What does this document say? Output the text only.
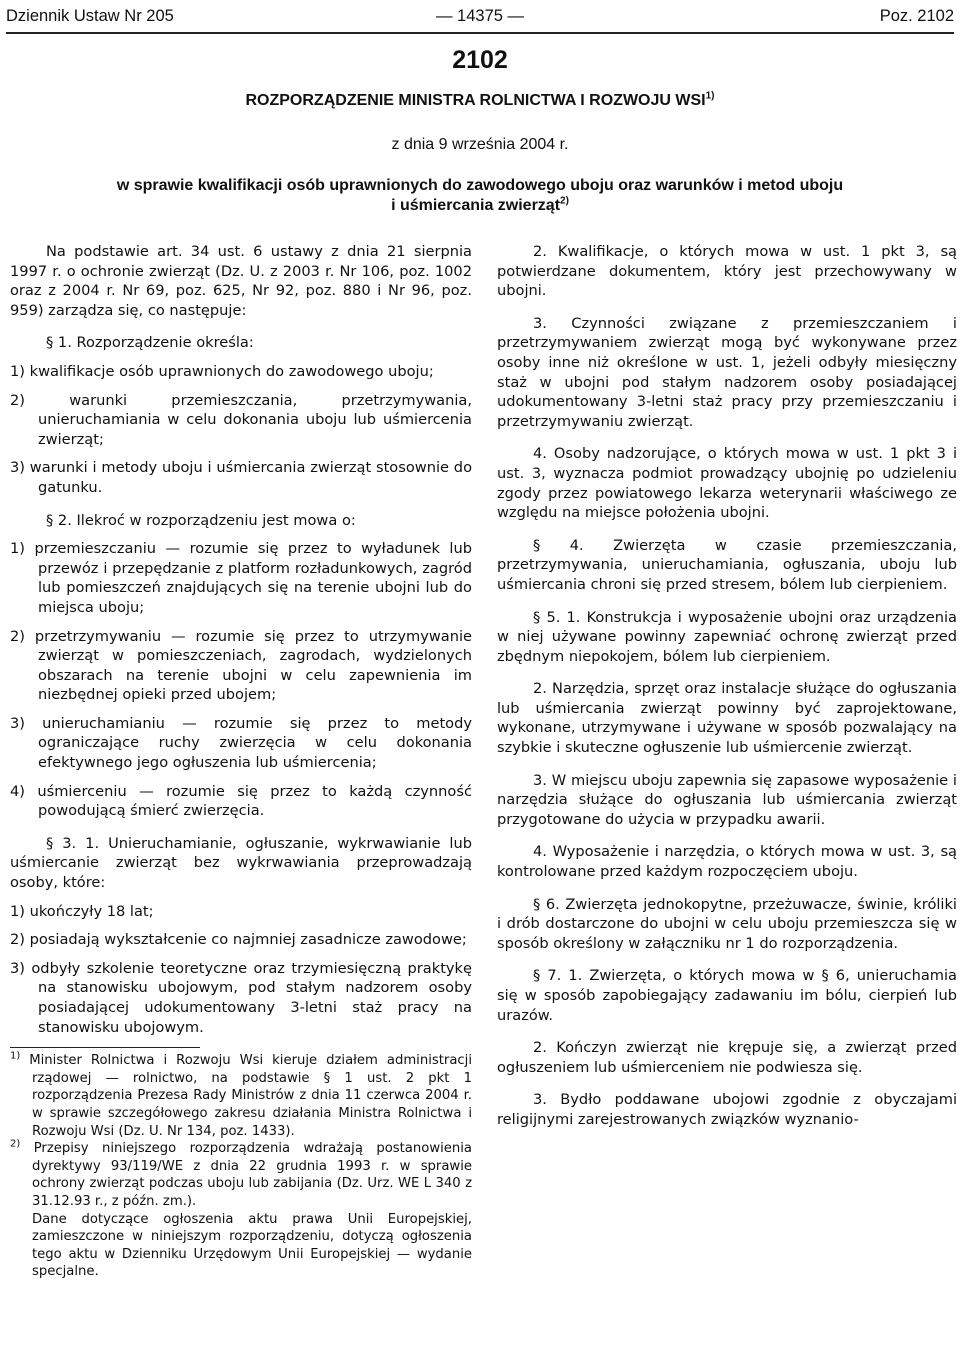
Dziennik Ustaw Nr 205	— 14375 —	Poz. 2102
2102
ROZPORZĄDZENIE MINISTRA ROLNICTWA I ROZWOJU WSI$^{1)}$
z dnia 9 września 2004 r.
w sprawie kwalifikacji osób uprawnionych do zawodowego uboju oraz warunków i metod uboju
i uśmiercania zwierząt$^{2)}$

Na podstawie art. 34 ust. 6 ustawy z dnia 21 sierpnia 1997 r. o ochronie zwierząt (Dz. U. z 2003 r. Nr 106, poz. 1002 oraz z 2004 r. Nr 69, poz. 625, Nr 92, poz. 880 i Nr 96, poz. 959) zarządza się, co następuje:

§ 1. Rozporządzenie określa:

1) kwalifikacje osób uprawnionych do zawodowego uboju;

2) warunki przemieszczania, przetrzymywania, unieruchamiania w celu dokonania uboju lub uśmiercenia zwierząt;

3) warunki i metody uboju i uśmiercania zwierząt stosownie do gatunku.

§ 2. Ilekroć w rozporządzeniu jest mowa o:

1) przemieszczaniu — rozumie się przez to wyładunek lub przewóz i przepędzanie z platform rozładunkowych, zagród lub pomieszczeń znajdujących się na terenie ubojni lub do miejsca uboju;

2) przetrzymywaniu — rozumie się przez to utrzymywanie zwierząt w pomieszczeniach, zagrodach, wydzielonych obszarach na terenie ubojni w celu zapewnienia im niezbędnej opieki przed ubojem;

3) unieruchamianiu — rozumie się przez to metody ograniczające ruchy zwierzęcia w celu dokonania efektywnego jego ogłuszenia lub uśmiercenia;

4) uśmierceniu — rozumie się przez to każdą czynność powodującą śmierć zwierzęcia.

§ 3. 1. Unieruchamianie, ogłuszanie, wykrwawianie lub uśmiercanie zwierząt bez wykrwawiania przeprowadzają osoby, które:

1) ukończyły 18 lat;

2) posiadają wykształcenie co najmniej zasadnicze zawodowe;

3) odbyły szkolenie teoretyczne oraz trzymiesięczną praktykę na stanowisku ubojowym, pod stałym nadzorem osoby posiadającej udokumentowany 3-letni staż pracy na stanowisku ubojowym.

$^{1)}$ Minister Rolnictwa i Rozwoju Wsi kieruje działem administracji rządowej — rolnictwo, na podstawie § 1 ust. 2 pkt 1 rozporządzenia Prezesa Rady Ministrów z dnia 11 czerwca 2004 r. w sprawie szczegółowego zakresu działania Ministra Rolnictwa i Rozwoju Wsi (Dz. U. Nr 134, poz. 1433).

$^{2)}$ Przepisy niniejszego rozporządzenia wdrażają postanowienia dyrektywy 93/119/WE z dnia 22 grudnia 1993 r. w sprawie ochrony zwierząt podczas uboju lub zabijania (Dz. Urz. WE L 340 z 31.12.93 r., z późn. zm.).

Dane dotyczące ogłoszenia aktu prawa Unii Europejskiej, zamieszczone w niniejszym rozporządzeniu, dotyczą ogłoszenia tego aktu w Dzienniku Urzędowym Unii Europejskiej — wydanie specjalne.

2. Kwalifikacje, o których mowa w ust. 1 pkt 3, są potwierdzane dokumentem, który jest przechowywany w ubojni.

3. Czynności związane z przemieszczaniem i przetrzymywaniem zwierząt mogą być wykonywane przez osoby inne niż określone w ust. 1, jeżeli odbyły miesięczny staż w ubojni pod stałym nadzorem osoby posiadającej udokumentowany 3-letni staż pracy przy przemieszczaniu i przetrzymywaniu zwierząt.

4. Osoby nadzorujące, o których mowa w ust. 1 pkt 3 i ust. 3, wyznacza podmiot prowadzący ubojnię po udzieleniu zgody przez powiatowego lekarza weterynarii właściwego ze względu na miejsce położenia ubojni.

§ 4. Zwierzęta w czasie przemieszczania, przetrzymywania, unieruchamiania, ogłuszania, uboju lub uśmiercania chroni się przed stresem, bólem lub cierpieniem.

§ 5. 1. Konstrukcja i wyposażenie ubojni oraz urządzenia w niej używane powinny zapewniać ochronę zwierząt przed zbędnym niepokojem, bólem lub cierpieniem.

2. Narzędzia, sprzęt oraz instalacje służące do ogłuszania lub uśmiercania zwierząt powinny być zaprojektowane, wykonane, utrzymywane i używane w sposób pozwalający na szybkie i skuteczne ogłuszenie lub uśmiercenie zwierząt.

3. W miejscu uboju zapewnia się zapasowe wyposażenie i narzędzia służące do ogłuszania lub uśmiercania zwierząt przygotowane do użycia w przypadku awarii.

4. Wyposażenie i narzędzia, o których mowa w ust. 3, są kontrolowane przed każdym rozpoczęciem uboju.

§ 6. Zwierzęta jednokopytne, przeżuwacze, świnie, króliki i drób dostarczone do ubojni w celu uboju przemieszcza się w sposób określony w załączniku nr 1 do rozporządzenia.

§ 7. 1. Zwierzęta, o których mowa w § 6, unieruchamia się w sposób zapobiegający zadawaniu im bólu, cierpień lub urazów.

2. Kończyn zwierząt nie krępuje się, a zwierząt przed ogłuszeniem lub uśmierceniem nie podwiesza się.

3. Bydło poddawane ubojowi zgodnie z obyczajami religijnymi zarejestrowanych związków wyznanio-
